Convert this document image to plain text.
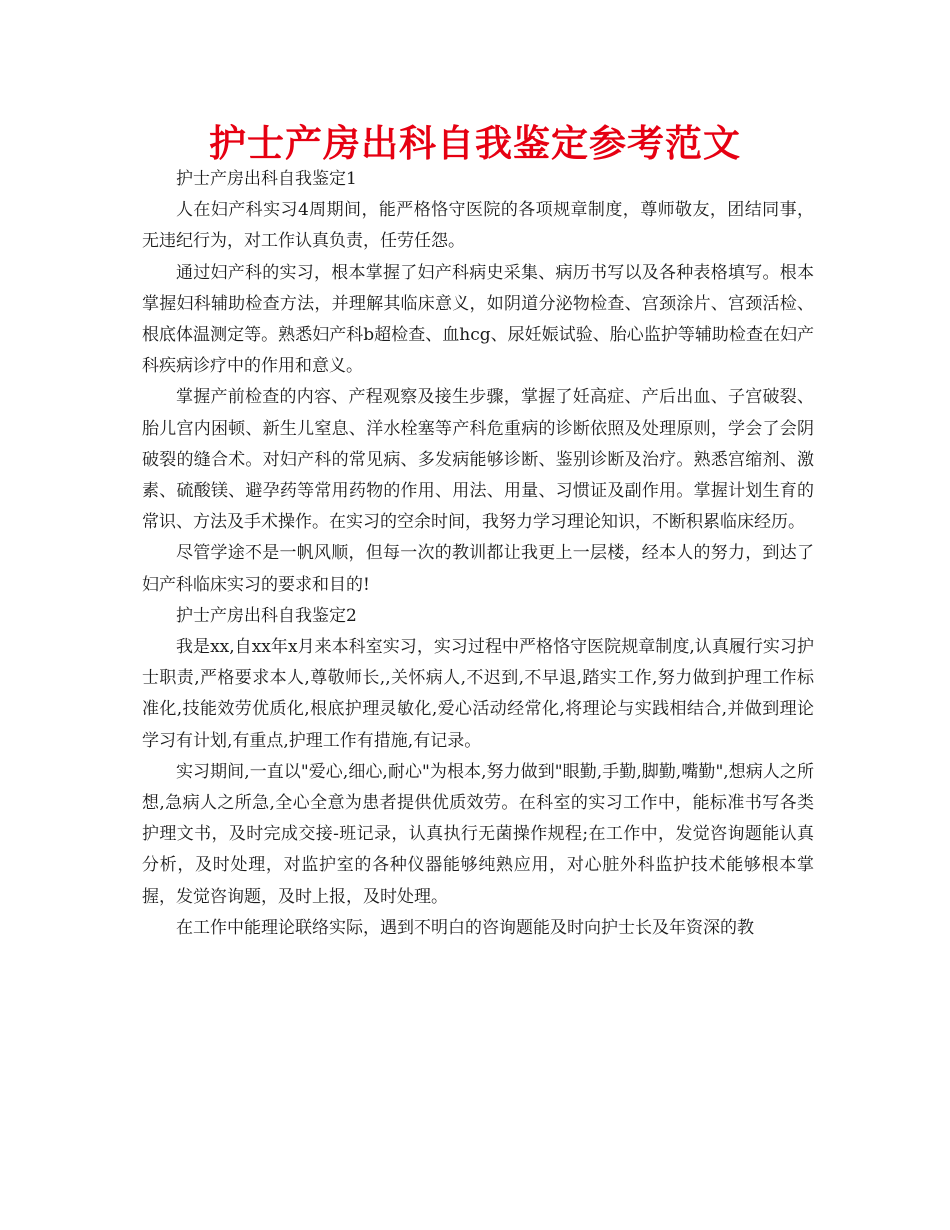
护士产房出科自我鉴定参考范文

护士产房出科自我鉴定1

人在妇产科实习4周期间，能严格恪守医院的各项规章制度，尊师敬友，团结同事，无违纪行为，对工作认真负责，任劳任怨。

通过妇产科的实习，根本掌握了妇产科病史采集、病历书写以及各种表格填写。根本掌握妇科辅助检查方法，并理解其临床意义，如阴道分泌物检查、宫颈涂片、宫颈活检、根底体温测定等。熟悉妇产科b超检查、血hcg、尿妊娠试验、胎心监护等辅助检查在妇产科疾病诊疗中的作用和意义。

掌握产前检查的内容、产程观察及接生步骤，掌握了妊高症、产后出血、子宫破裂、胎儿宫内困顿、新生儿窒息、洋水栓塞等产科危重病的诊断依照及处理原则，学会了会阴破裂的缝合术。对妇产科的常见病、多发病能够诊断、鉴别诊断及治疗。熟悉宫缩剂、激素、硫酸镁、避孕药等常用药物的作用、用法、用量、习惯证及副作用。掌握计划生育的常识、方法及手术操作。在实习的空余时间，我努力学习理论知识，不断积累临床经历。

尽管学途不是一帆风顺，但每一次的教训都让我更上一层楼，经本人的努力，到达了妇产科临床实习的要求和目的!

护士产房出科自我鉴定2

我是xx,自xx年x月来本科室实习，实习过程中严格恪守医院规章制度,认真履行实习护士职责,严格要求本人,尊敬师长,,关怀病人,不迟到,不早退,踏实工作,努力做到护理工作标准化,技能效劳优质化,根底护理灵敏化,爱心活动经常化,将理论与实践相结合,并做到理论学习有计划,有重点,护理工作有措施,有记录。

实习期间,一直以"爱心,细心,耐心"为根本,努力做到"眼勤,手勤,脚勤,嘴勤",想病人之所想,急病人之所急,全心全意为患者提供优质效劳。在科室的实习工作中，能标准书写各类护理文书，及时完成交接-班记录，认真执行无菌操作规程;在工作中，发觉咨询题能认真分析，及时处理，对监护室的各种仪器能够纯熟应用，对心脏外科监护技术能够根本掌握，发觉咨询题，及时上报，及时处理。

在工作中能理论联络实际，遇到不明白的咨询题能及时向护士长及年资深的教
